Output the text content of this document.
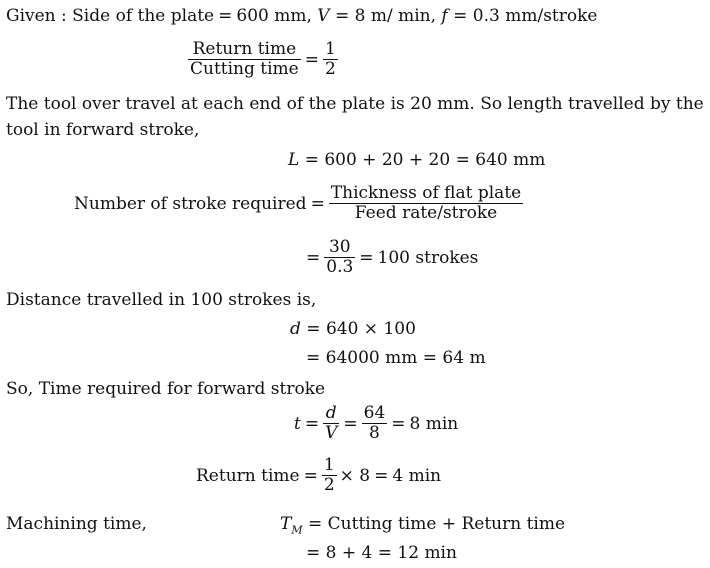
Given : Side of the plate = 600 mm, V = 8 m/ min, f = 0.3 mm/stroke
$\frac{\text{Return time}}{\text{Cutting time}} = \frac{1}{2}$
The tool over travel at each end of the plate is 20 mm. So length travelled by the
tool in forward stroke,
L = 600 + 20 + 20 = 640 mm
Number of stroke required = $\frac{\text{Thickness of flat plate}}{\text{Feed rate/stroke}}$
= $\frac{30}{0.3} = 100$ strokes
Distance travelled in 100 strokes is,
d = 640 × 100
= 64000 mm = 64 m
So, Time required for forward stroke
$t = \frac{d}{V} = \frac{64}{8} = 8$ min
Return time = $\frac{1}{2} \times 8 = 4$ min
Machining time,	$T_M$ = Cutting time + Return time
= 8 + 4 = 12 min
